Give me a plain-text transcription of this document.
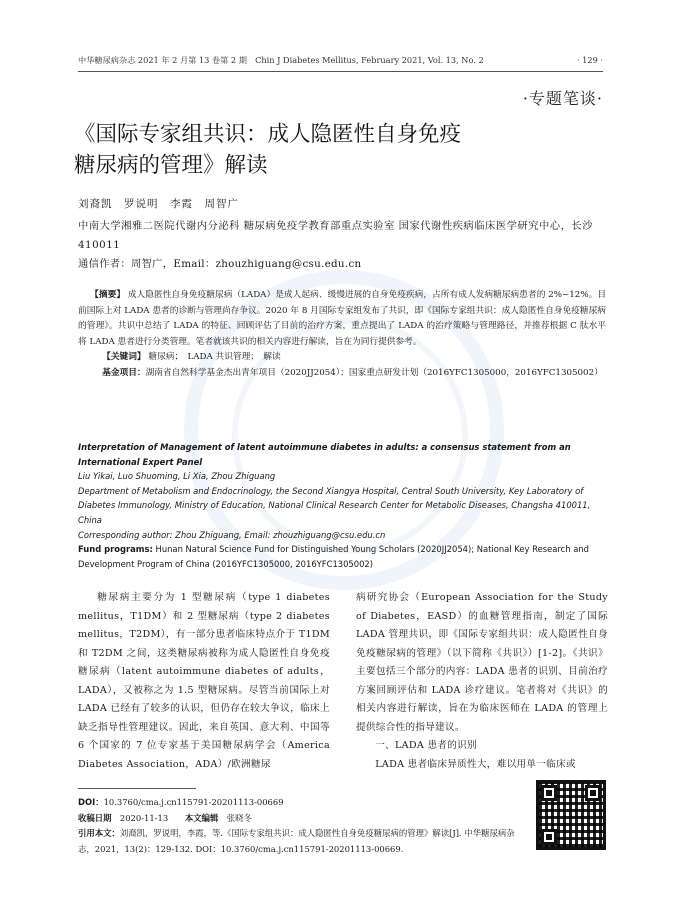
中华糖尿病杂志 2021 年 2 月第 13 卷第 2 期　Chin J Diabetes Mellitus, February 2021, Vol. 13, No. 2	· 129 ·
·专题笔谈·
《国际专家组共识：成人隐匿性自身免疫
糖尿病的管理》解读
刘裔凯　罗说明　李霞　周智广
中南大学湘雅二医院代谢内分泌科 糖尿病免疫学教育部重点实验室 国家代谢性疾病临床医学研究中心，长沙 410011
通信作者：周智广，Email：zhouzhiguang@csu.edu.cn

【摘要】 成人隐匿性自身免疫糖尿病（LADA）是成人起病、缓慢进展的自身免疫疾病，占所有成人发病糖尿病患者的 2%~12%。目前国际上对 LADA 患者的诊断与管理尚存争议。2020 年 8 月国际专家组发布了共识，即《国际专家组共识：成人隐匿性自身免疫糖尿病的管理》。共识中总结了 LADA 的特征、回顾评估了目前的治疗方案，重点提出了 LADA 的治疗策略与管理路径，并推荐根据 C 肽水平将 LADA 患者进行分类管理。笔者就该共识的相关内容进行解读，旨在为同行提供参考。

【关键词】 糖尿病；　LADA 共识管理；　解读

基金项目：湖南省自然科学基金杰出青年项目（2020JJ2054）；国家重点研发计划（2016YFC1305000，2016YFC1305002）

Interpretation of Management of latent autoimmune diabetes in adults: a consensus statement from an International Expert Panel
Liu Yikai, Luo Shuoming, Li Xia, Zhou Zhiguang
Department of Metabolism and Endocrinology, the Second Xiangya Hospital, Central South University, Key Laboratory of Diabetes Immunology, Ministry of Education, National Clinical Research Center for Metabolic Diseases, Changsha 410011, China
Corresponding author: Zhou Zhiguang, Email: zhouzhiguang@csu.edu.cn
Fund programs: Hunan Natural Science Fund for Distinguished Young Scholars (2020JJ2054); National Key Research and Development Program of China (2016YFC1305000, 2016YFC1305002)

糖尿病主要分为 1 型糖尿病（type 1 diabetes mellitus，T1DM）和 2 型糖尿病（type 2 diabetes mellitus，T2DM），有一部分患者临床特点介于 T1DM 和 T2DM 之间，这类糖尿病被称为成人隐匿性自身免疫糖尿病（latent autoimmune diabetes of adults，LADA），又被称之为 1.5 型糖尿病。尽管当前国际上对 LADA 已经有了较多的认识，但仍存在较大争议，临床上缺乏指导性管理建议。因此，来自英国、意大利、中国等 6 个国家的 7 位专家基于美国糖尿病学会（America Diabetes Association，ADA）/欧洲糖尿

病研究协会（European Association for the Study of Diabetes，EASD）的血糖管理指南，制定了国际 LADA 管理共识，即《国际专家组共识：成人隐匿性自身免疫糖尿病的管理》（以下简称《共识》）[1-2]。《共识》主要包括三个部分的内容：LADA 患者的识别、目前治疗方案回顾评估和 LADA 诊疗建议。笔者将对《共识》的相关内容进行解读，旨在为临床医师在 LADA 的管理上提供综合性的指导建议。

一、LADA 患者的识别

LADA 患者临床异质性大，难以用单一临床或

DOI：10.3760/cma.j.cn115791-20201113-00669
收稿日期　 2020-11-13　　 本文编辑　 张晓冬
引用本文：刘裔凯，罗说明，李霞，等.《国际专家组共识：成人隐匿性自身免疫糖尿病的管理》解读[J]. 中华糖尿病杂志，2021，13(2)：129-132. DOI：10.3760/cma.j.cn115791-20201113-00669.
